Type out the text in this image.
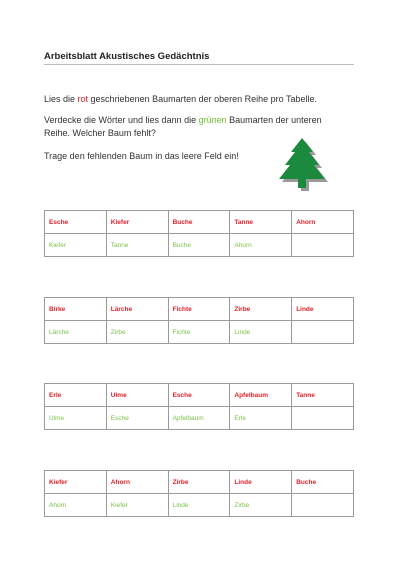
Arbeitsblatt Akustisches Gedächtnis
Lies die rot geschriebenen Baumarten der oberen Reihe pro Tabelle.
Verdecke die Wörter und lies dann die grünen Baumarten der unteren Reihe. Welcher Baum fehlt?
Trage den fehlenden Baum in das leere Feld ein!
Esche	Kiefer	Buche	Tanne	Ahorn
Kiefer	Tanne	Buche	Ahorn	
Birke	Lärche	Fichte	Zirbe	Linde
Lärche	Zirbe	Fichte	Linde	
Erle	Ulme	Esche	Apfelbaum	Tanne
Ulme	Esche	Apfelbaum	Erle	
Kiefer	Ahorn	Zirbe	Linde	Buche
Ahorn	Kiefer	Linde	Zirbe	
